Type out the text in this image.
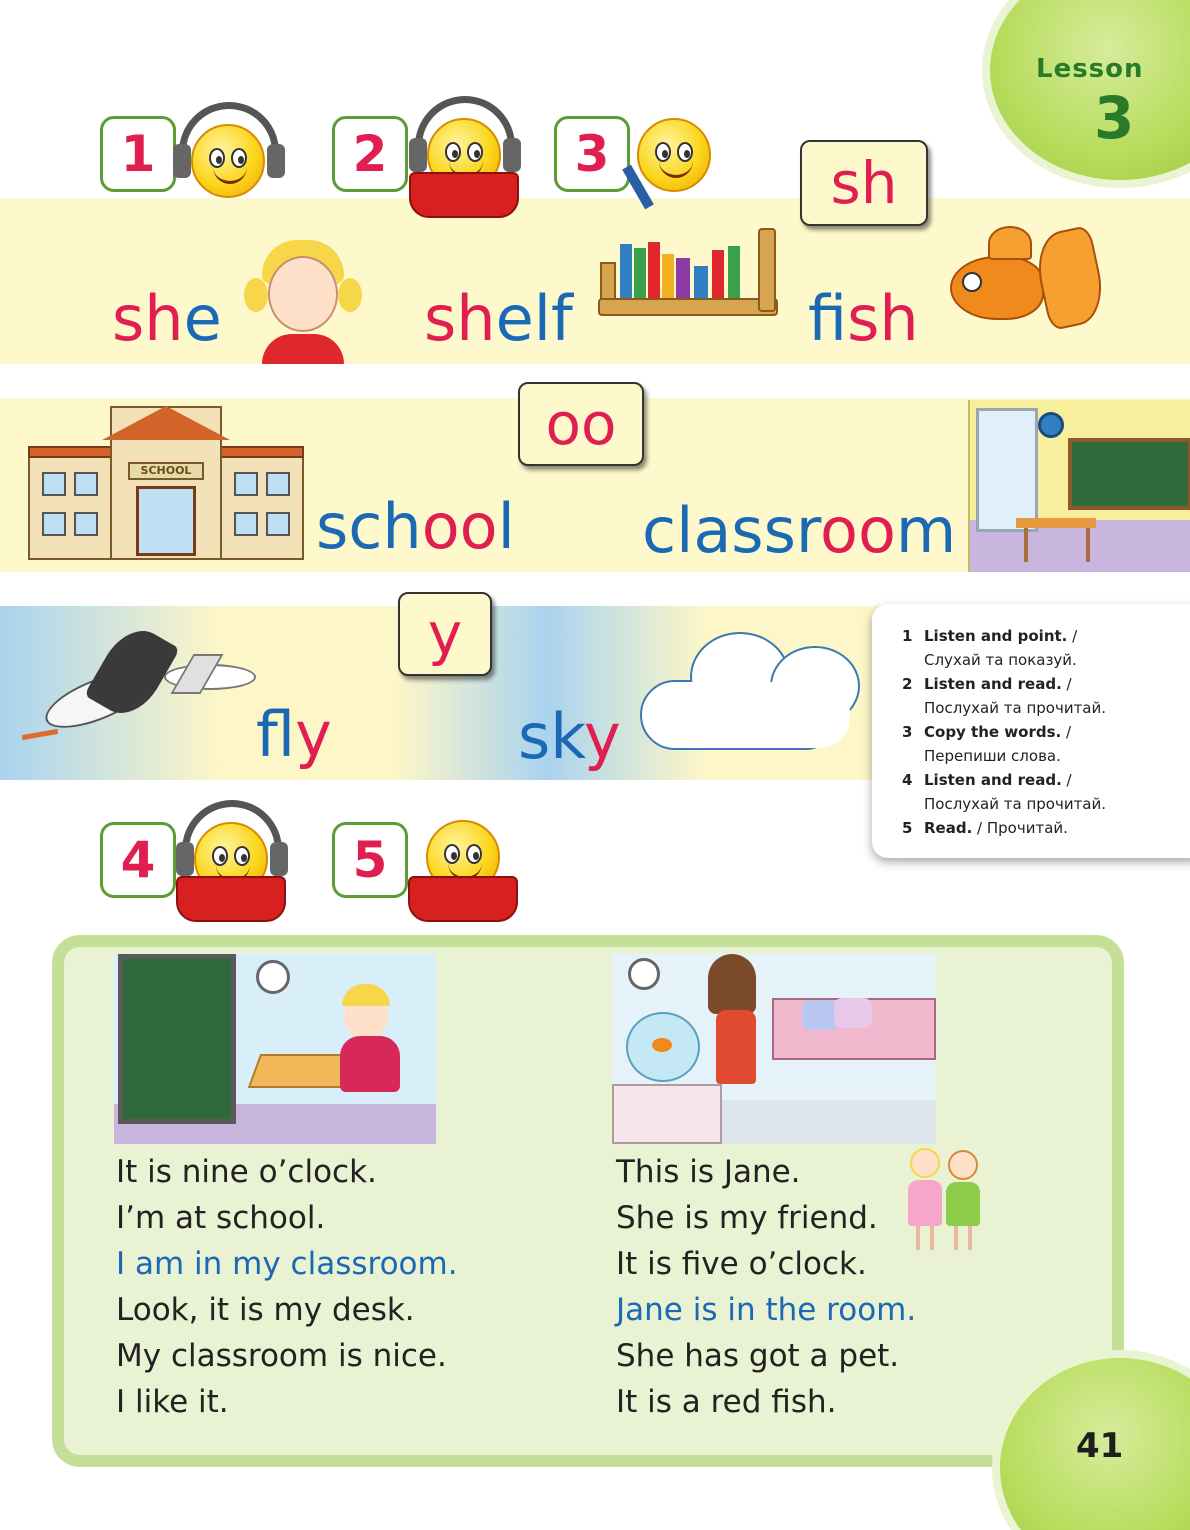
Lesson
3
1	2	3	sh
she	shelf	fish
oo
SCHOOL
school classroom
y
fly	sky
1 Listen and point. /
Слухай та показуй.
2 Listen and read. /
Послухай та прочитай.
3 Copy the words. /
Перепиши слова.
4 Listen and read. /
Послухай та прочитай.
5 Read. / Прочитай.
4	5
It is nine o’clock.
I’m at school.
I am in my classroom.
Look, it is my desk.
My classroom is nice.
I like it.
This is Jane.
She is my friend.
It is five o’clock.
Jane is in the room.
She has got a pet.
It is a red fish.
41
